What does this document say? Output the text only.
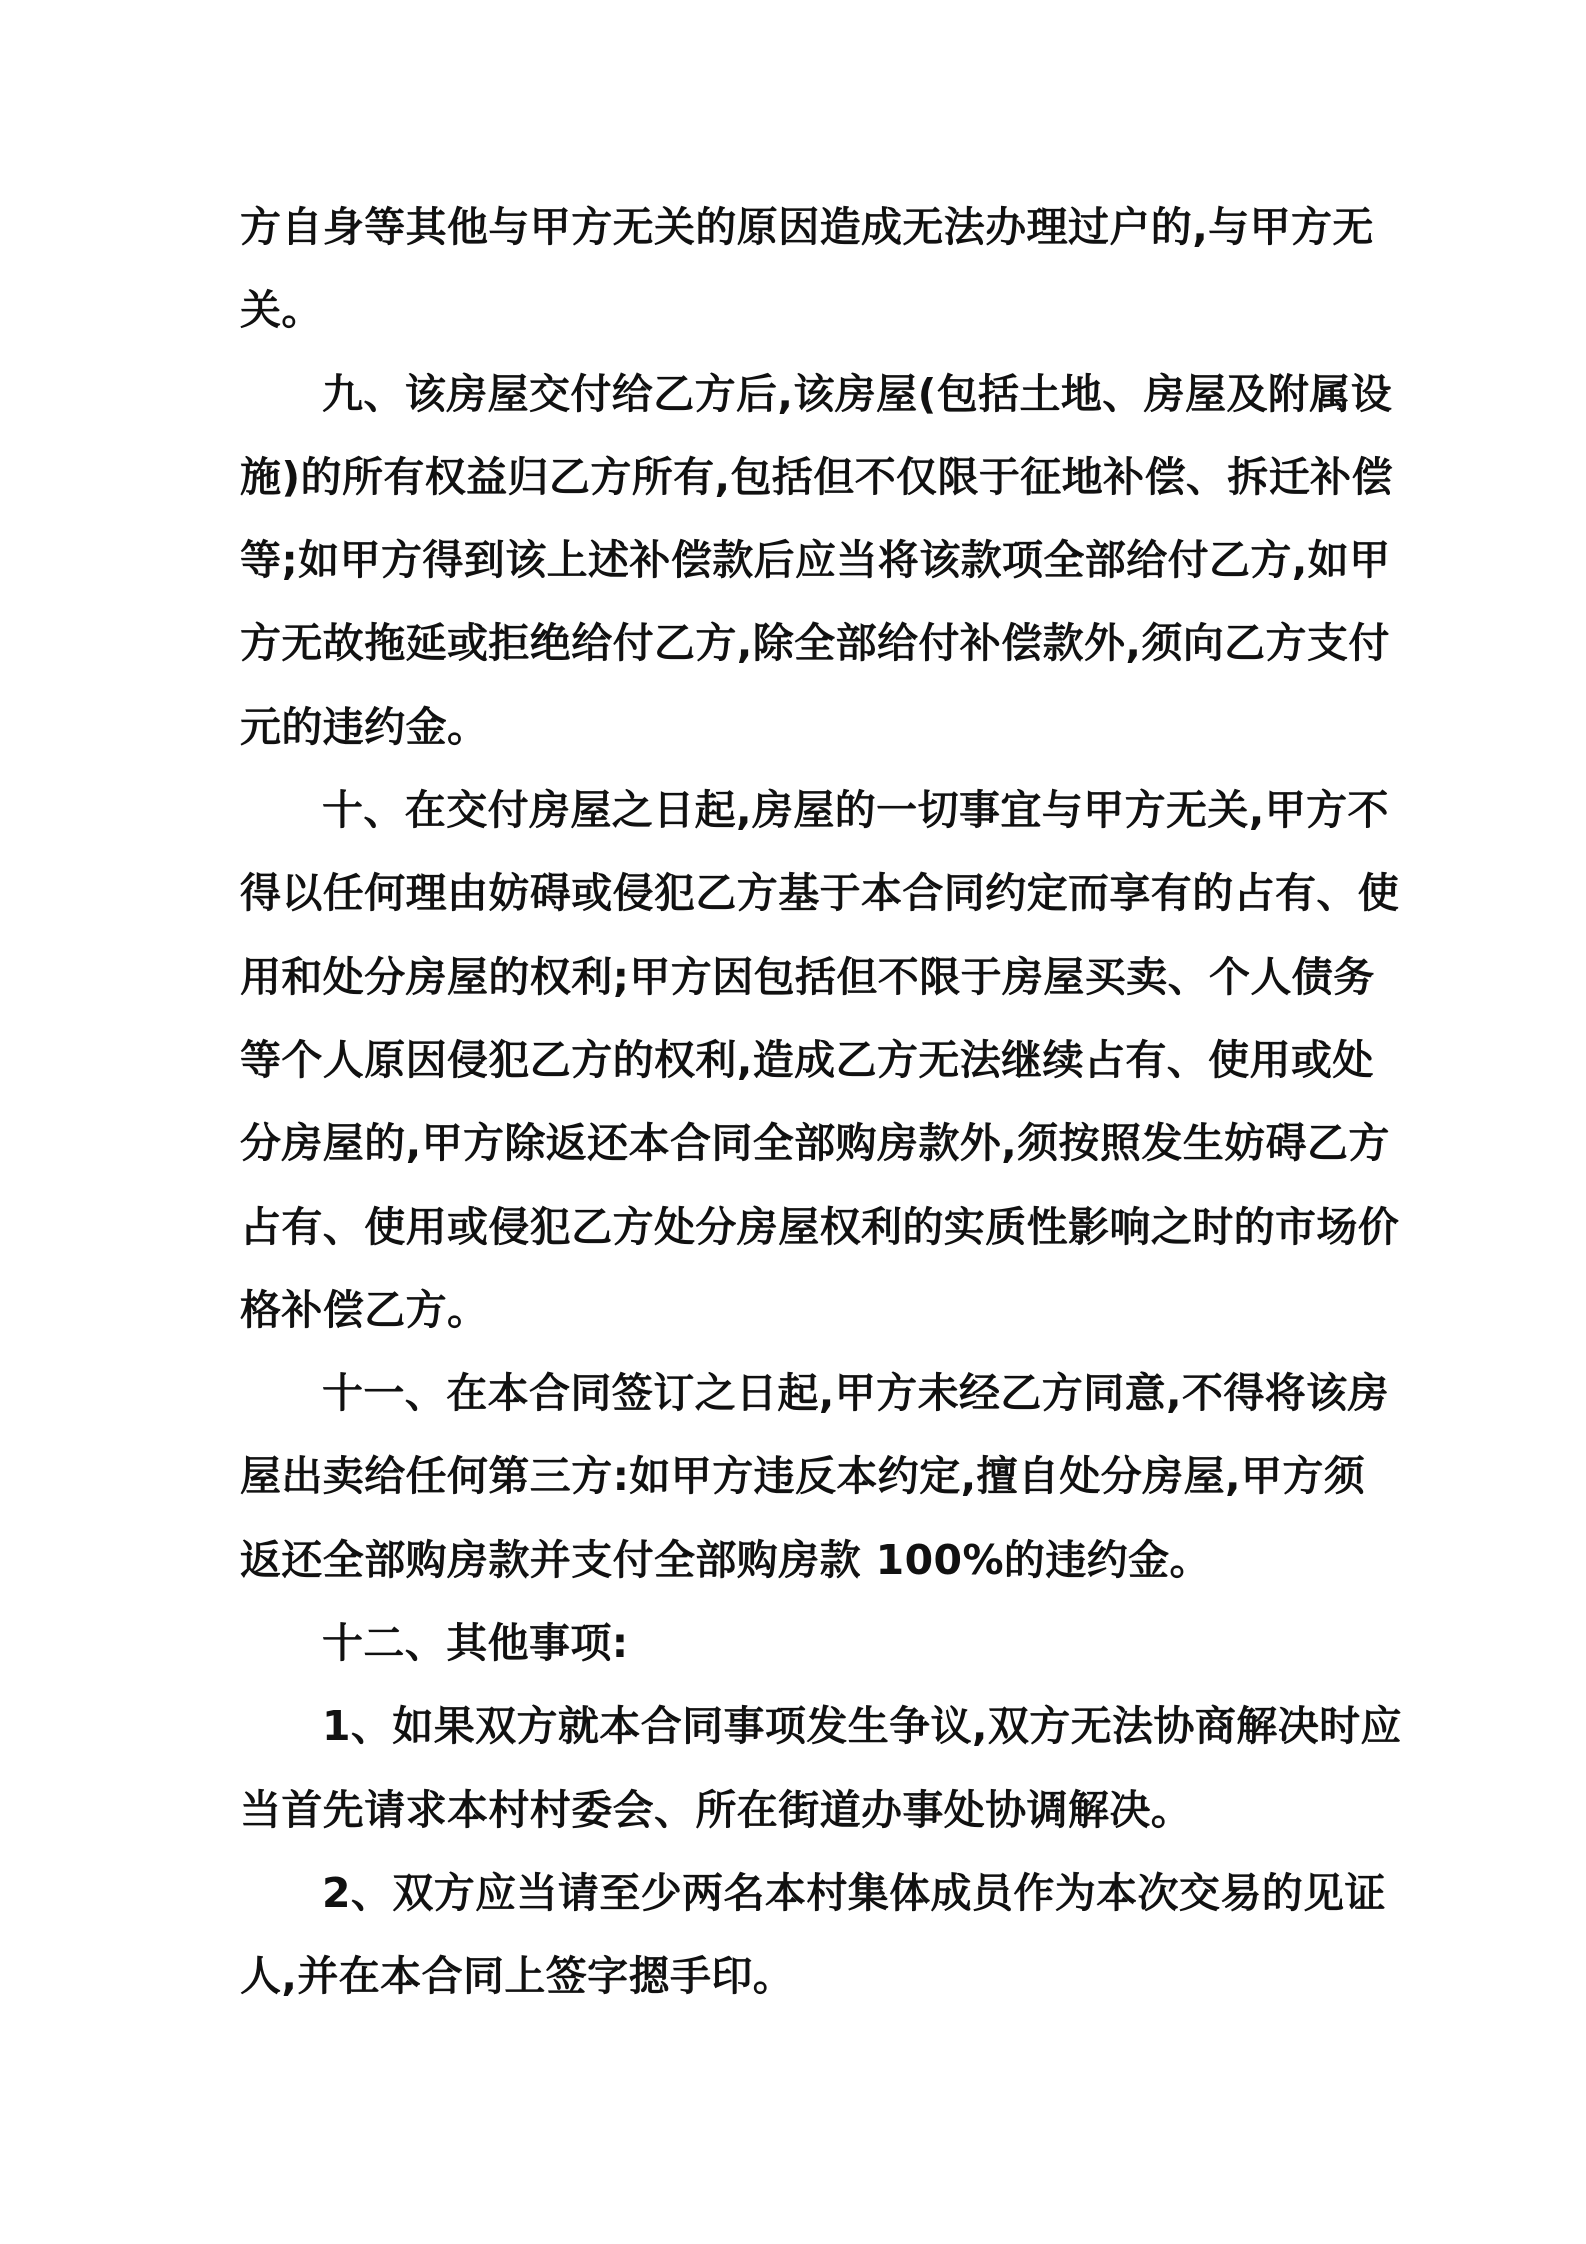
方自身等其他与甲方无关的原因造成无法办理过户的,与甲方无
关。
九、该房屋交付给乙方后,该房屋(包括土地、房屋及附属设
施)的所有权益归乙方所有,包括但不仅限于征地补偿、拆迁补偿
等;如甲方得到该上述补偿款后应当将该款项全部给付乙方,如甲
方无故拖延或拒绝给付乙方,除全部给付补偿款外,须向乙方支付
元的违约金。
十、在交付房屋之日起,房屋的一切事宜与甲方无关,甲方不
得以任何理由妨碍或侵犯乙方基于本合同约定而享有的占有、使
用和处分房屋的权利;甲方因包括但不限于房屋买卖、个人债务
等个人原因侵犯乙方的权利,造成乙方无法继续占有、使用或处
分房屋的,甲方除返还本合同全部购房款外,须按照发生妨碍乙方
占有、使用或侵犯乙方处分房屋权利的实质性影响之时的市场价
格补偿乙方。
十一、在本合同签订之日起,甲方未经乙方同意,不得将该房
屋出卖给任何第三方:如甲方违反本约定,擅自处分房屋,甲方须
返还全部购房款并支付全部购房款 100%的违约金。
十二、其他事项:
1、如果双方就本合同事项发生争议,双方无法协商解决时应
当首先请求本村村委会、所在街道办事处协调解决。
2、双方应当请至少两名本村集体成员作为本次交易的见证
人,并在本合同上签字摁手印。
